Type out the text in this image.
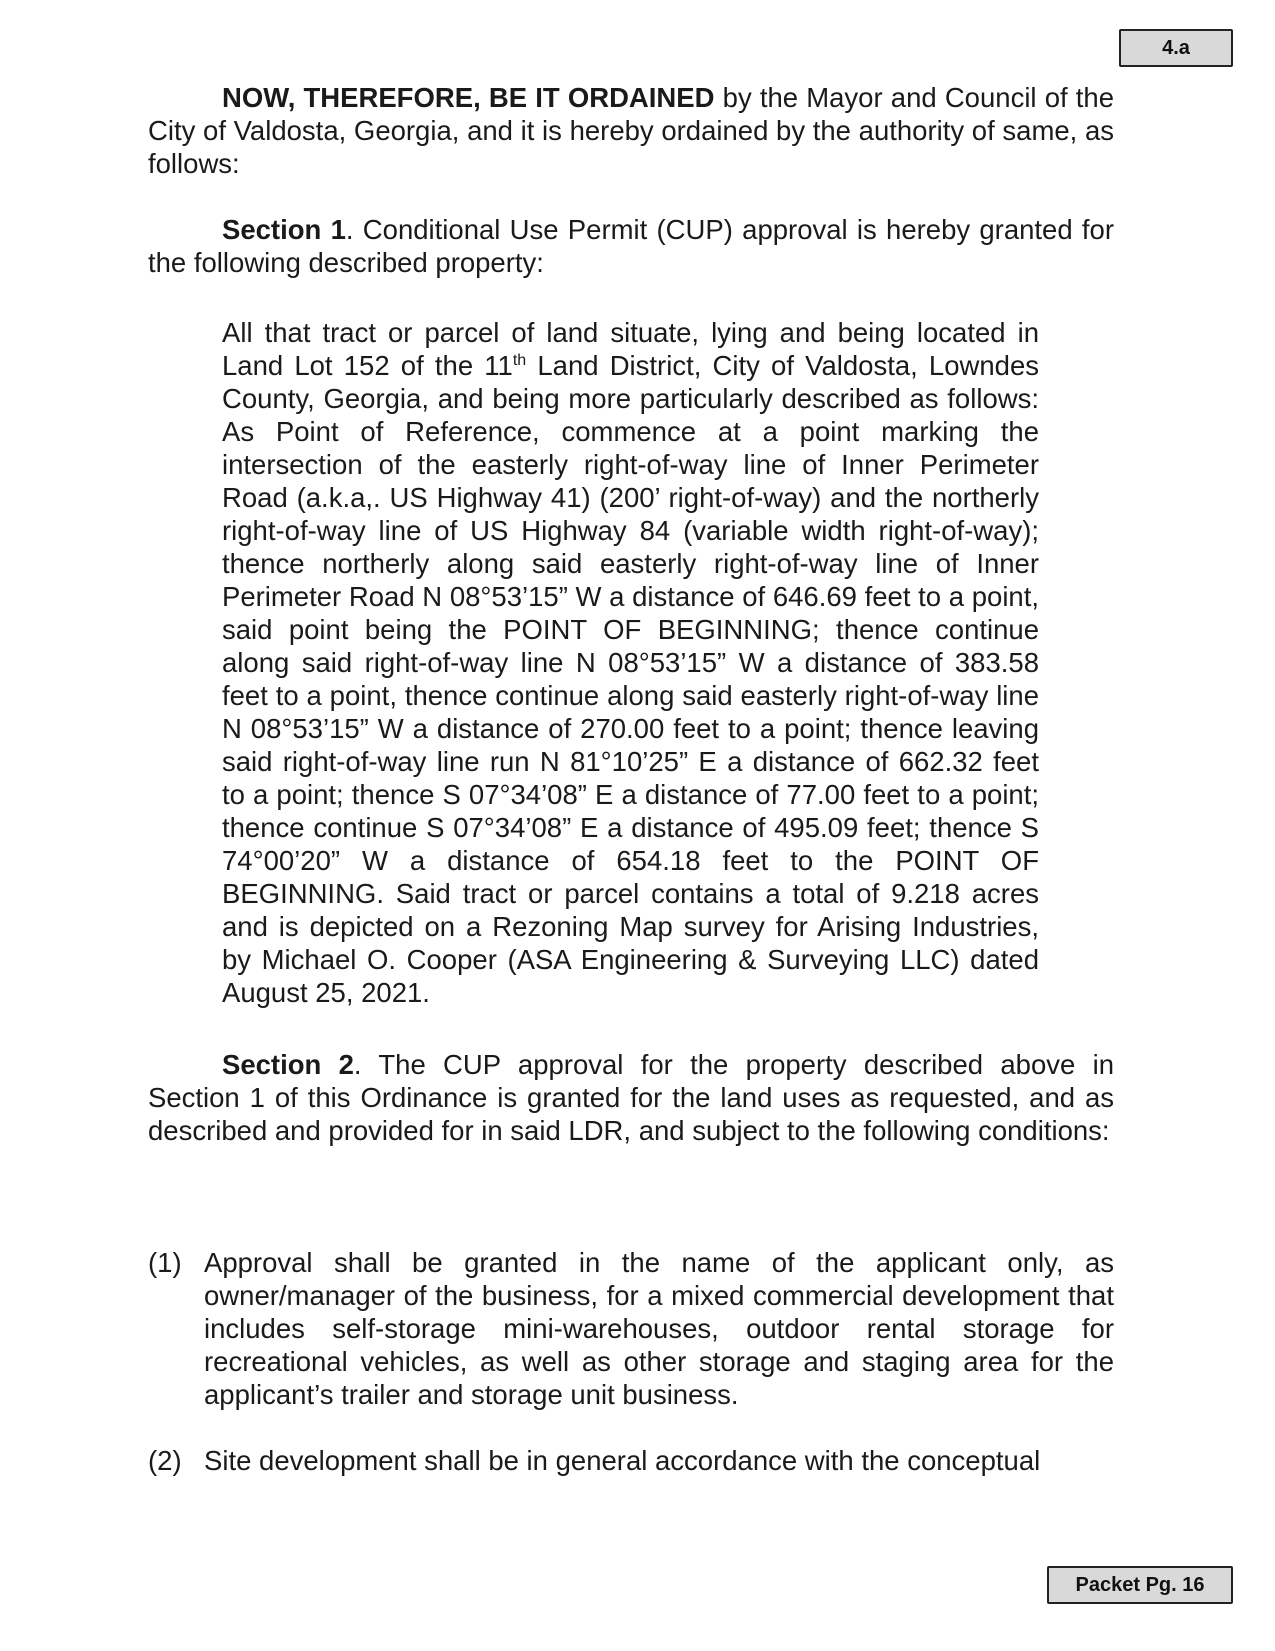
4.a

NOW, THEREFORE, BE IT ORDAINED by the Mayor and Council of the City of Valdosta, Georgia, and it is hereby ordained by the authority of same, as follows:

Section 1. Conditional Use Permit (CUP) approval is hereby granted for the following described property:

All that tract or parcel of land situate, lying and being located in Land Lot 152 of the 11th Land District, City of Valdosta, Lowndes County, Georgia, and being more particularly described as follows: As Point of Reference, commence at a point marking the intersection of the easterly right-of-way line of Inner Perimeter Road (a.k.a,. US Highway 41) (200’ right-of-way) and the northerly right-of-way line of US Highway 84 (variable width right-of-way); thence northerly along said easterly right-of-way line of Inner Perimeter Road N 08°53’15” W a distance of 646.69 feet to a point, said point being the POINT OF BEGINNING; thence continue along said right-of-way line N 08°53’15” W a distance of 383.58 feet to a point, thence continue along said easterly right-of-way line N 08°53’15” W a distance of 270.00 feet to a point; thence leaving said right-of-way line run N 81°10’25” E a distance of 662.32 feet to a point; thence S 07°34’08” E a distance of 77.00 feet to a point; thence continue S 07°34’08” E a distance of 495.09 feet; thence S 74°00’20” W a distance of 654.18 feet to the POINT OF BEGINNING. Said tract or parcel contains a total of 9.218 acres and is depicted on a Rezoning Map survey for Arising Industries, by Michael O. Cooper (ASA Engineering & Surveying LLC) dated August 25, 2021.

Section 2. The CUP approval for the property described above in Section 1 of this Ordinance is granted for the land uses as requested, and as described and provided for in said LDR, and subject to the following conditions:

(1) Approval shall be granted in the name of the applicant only, as owner/manager of the business, for a mixed commercial development that includes self-storage mini-warehouses, outdoor rental storage for recreational vehicles, as well as other storage and staging area for the applicant’s trailer and storage unit business.
(2) Site development shall be in general accordance with the conceptual
Packet Pg. 16
